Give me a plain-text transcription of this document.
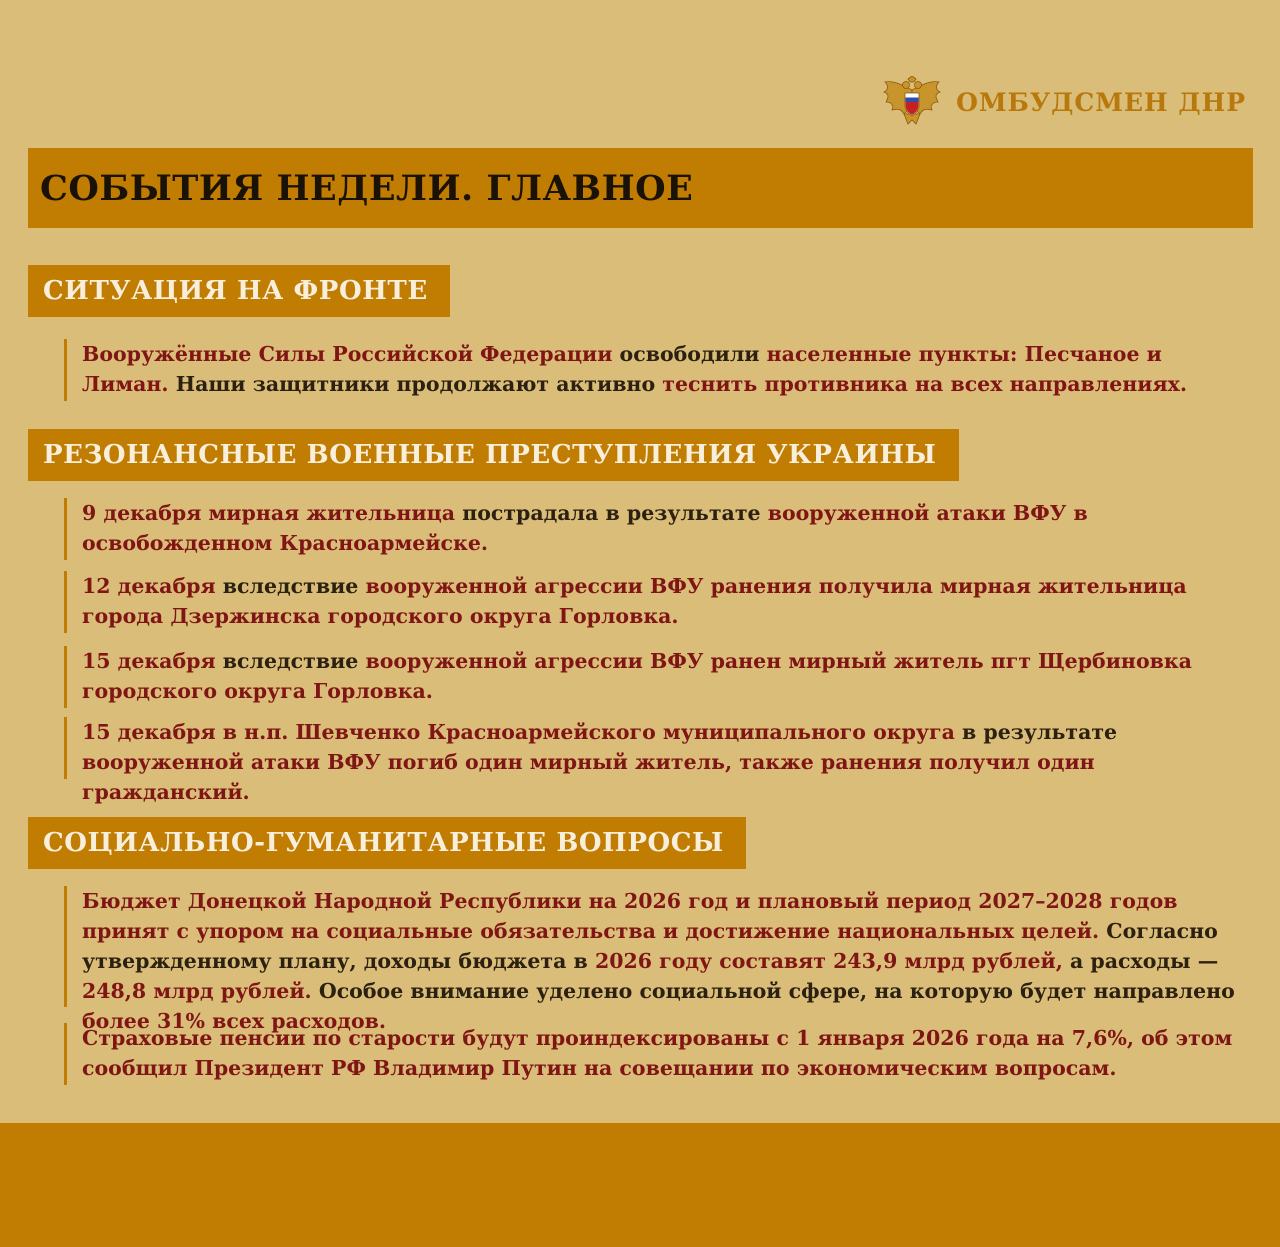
ОМБУДСМЕН ДНР
СОБЫТИЯ НЕДЕЛИ. ГЛАВНОЕ
СИТУАЦИЯ НА ФРОНТЕ
Вооружённые Силы Российской Федерации освободили населенные пункты: Песчаное и Лиман. Наши защитники продолжают активно теснить противника на всех направлениях.
РЕЗОНАНСНЫЕ ВОЕННЫЕ ПРЕСТУПЛЕНИЯ УКРАИНЫ
9 декабря мирная жительница пострадала в результате вооруженной атаки ВФУ в освобожденном Красноармейске.
12 декабря вследствие вооруженной агрессии ВФУ ранения получила мирная жительница города Дзержинска городского округа Горловка.
15 декабря вследствие вооруженной агрессии ВФУ ранен мирный житель пгт Щербиновка городского округа Горловка.
15 декабря в н.п. Шевченко Красноармейского муниципального округа в результате вооруженной атаки ВФУ погиб один мирный житель, также ранения получил один гражданский.
СОЦИАЛЬНО-ГУМАНИТАРНЫЕ ВОПРОСЫ
Бюджет Донецкой Народной Республики на 2026 год и плановый период 2027–2028 годов принят с упором на социальные обязательства и достижение национальных целей. Согласно утвержденному плану, доходы бюджета в 2026 году составят 243,9 млрд рублей, а расходы — 248,8 млрд рублей. Особое внимание уделено социальной сфере, на которую будет направлено более 31% всех расходов.
Страховые пенсии по старости будут проиндексированы с 1 января 2026 года на 7,6%, об этом сообщил Президент РФ Владимир Путин на совещании по экономическим вопросам.
